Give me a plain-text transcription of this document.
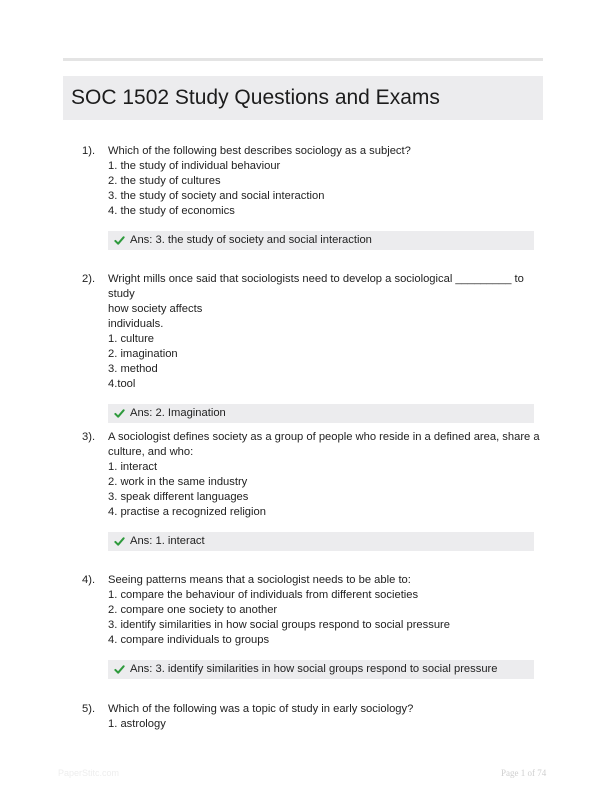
SOC 1502 Study Questions and Exams
1). Which of the following best describes sociology as a subject?
1. the study of individual behaviour
2. the study of cultures
3. the study of society and social interaction
4. the study of economics
Ans: 3. the study of society and social interaction
2). Wright mills once said that sociologists need to develop a sociological _________ to study
how society affects
individuals.
1. culture
2. imagination
3. method
4.tool
Ans: 2. Imagination
3). A sociologist defines society as a group of people who reside in a defined area, share a
culture, and who:
1. interact
2. work in the same industry
3. speak different languages
4. practise a recognized religion
Ans: 1. interact
4). Seeing patterns means that a sociologist needs to be able to:
1. compare the behaviour of individuals from different societies
2. compare one society to another
3. identify similarities in how social groups respond to social pressure
4. compare individuals to groups
Ans: 3. identify similarities in how social groups respond to social pressure
5). Which of the following was a topic of study in early sociology?
1. astrology
PaperStitc.com	Page 1 of 74
